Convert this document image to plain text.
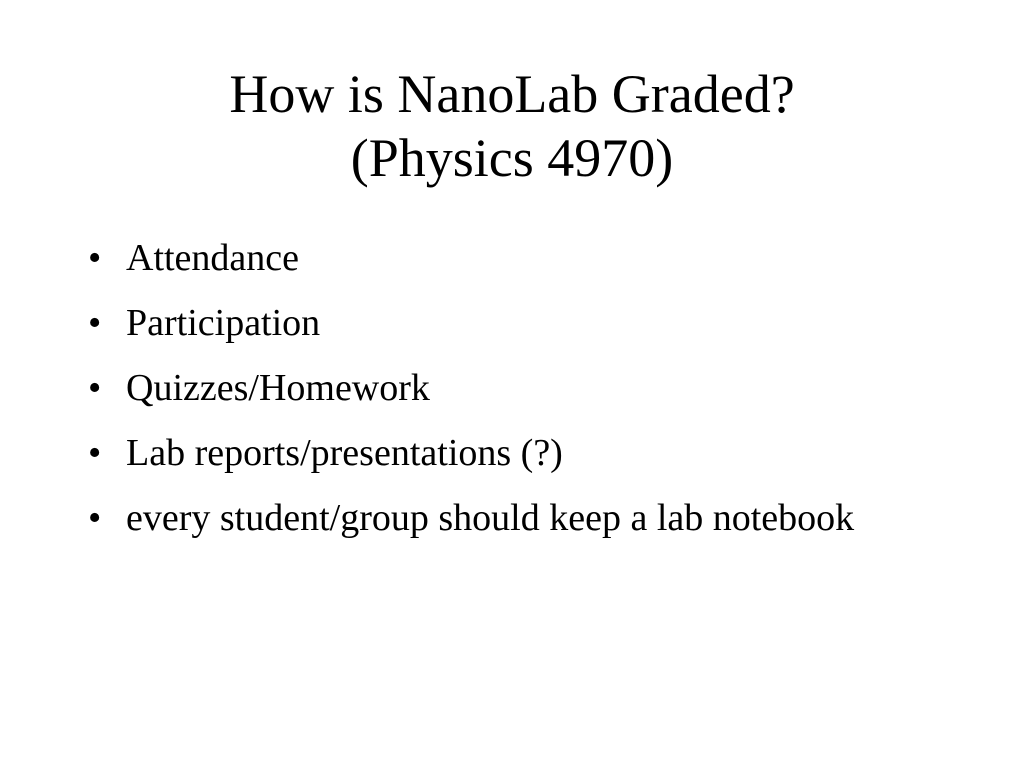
How is NanoLab Graded?
(Physics 4970)
• Attendance
• Participation
• Quizzes/Homework
• Lab reports/presentations (?)
• every student/group should keep a lab notebook
